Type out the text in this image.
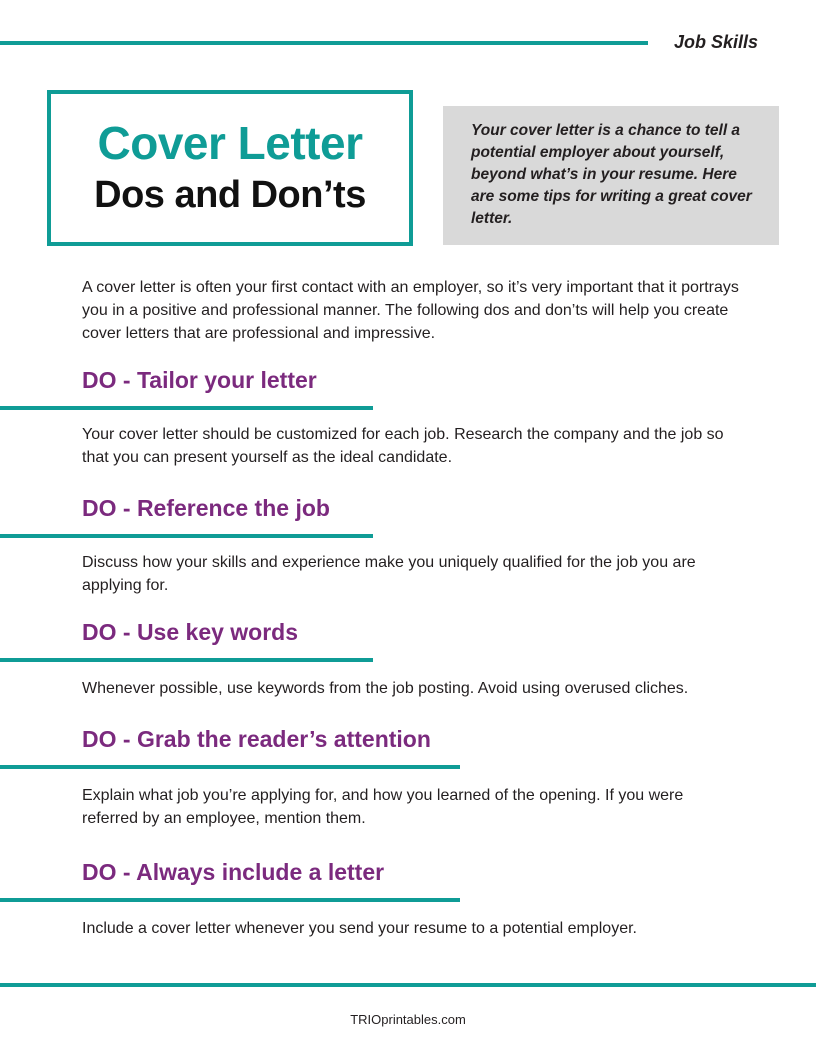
Job Skills
Cover Letter
Dos and Don’ts
Your cover letter is a chance to tell a potential employer about yourself, beyond what’s in your resume. Here are some tips for writing a great cover letter.
A cover letter is often your first contact with an employer, so it’s very important that it portrays you in a positive and professional manner. The following dos and don’ts will help you create cover letters that are professional and impressive.
DO - Tailor your letter
Your cover letter should be customized for each job. Research the company and the job so that you can present yourself as the ideal candidate.
DO - Reference the job
Discuss how your skills and experience make you uniquely qualified for the job you are applying for.
DO - Use key words
Whenever possible, use keywords from the job posting. Avoid using overused cliches.
DO - Grab the reader’s attention
Explain what job you’re applying for, and how you learned of the opening. If you were referred by an employee, mention them.
DO - Always include a letter
Include a cover letter whenever you send your resume to a potential employer.
TRIOprintables.com
